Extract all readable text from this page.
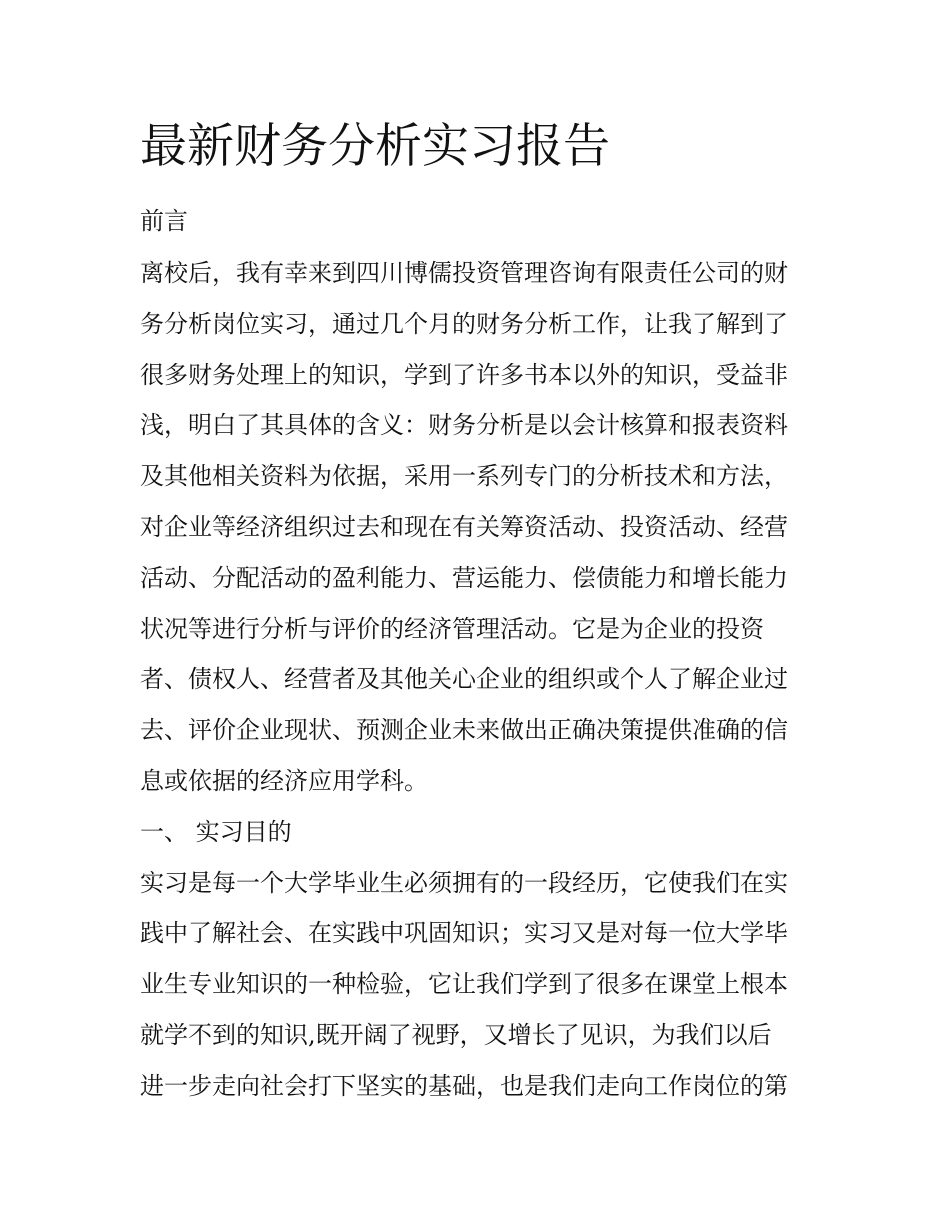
最新财务分析实习报告
前言
离校后，我有幸来到四川博儒投资管理咨询有限责任公司的财
务分析岗位实习，通过几个月的财务分析工作，让我了解到了
很多财务处理上的知识，学到了许多书本以外的知识，受益非
浅，明白了其具体的含义：财务分析是以会计核算和报表资料
及其他相关资料为依据，采用一系列专门的分析技术和方法，
对企业等经济组织过去和现在有关筹资活动、投资活动、经营
活动、分配活动的盈利能力、营运能力、偿债能力和增长能力
状况等进行分析与评价的经济管理活动。它是为企业的投资
者、债权人、经营者及其他关心企业的组织或个人了解企业过
去、评价企业现状、预测企业未来做出正确决策提供准确的信
息或依据的经济应用学科。
一、 实习目的
实习是每一个大学毕业生必须拥有的一段经历，它使我们在实
践中了解社会、在实践中巩固知识；实习又是对每一位大学毕
业生专业知识的一种检验，它让我们学到了很多在课堂上根本
就学不到的知识,既开阔了视野，又增长了见识，为我们以后
进一步走向社会打下坚实的基础，也是我们走向工作岗位的第
